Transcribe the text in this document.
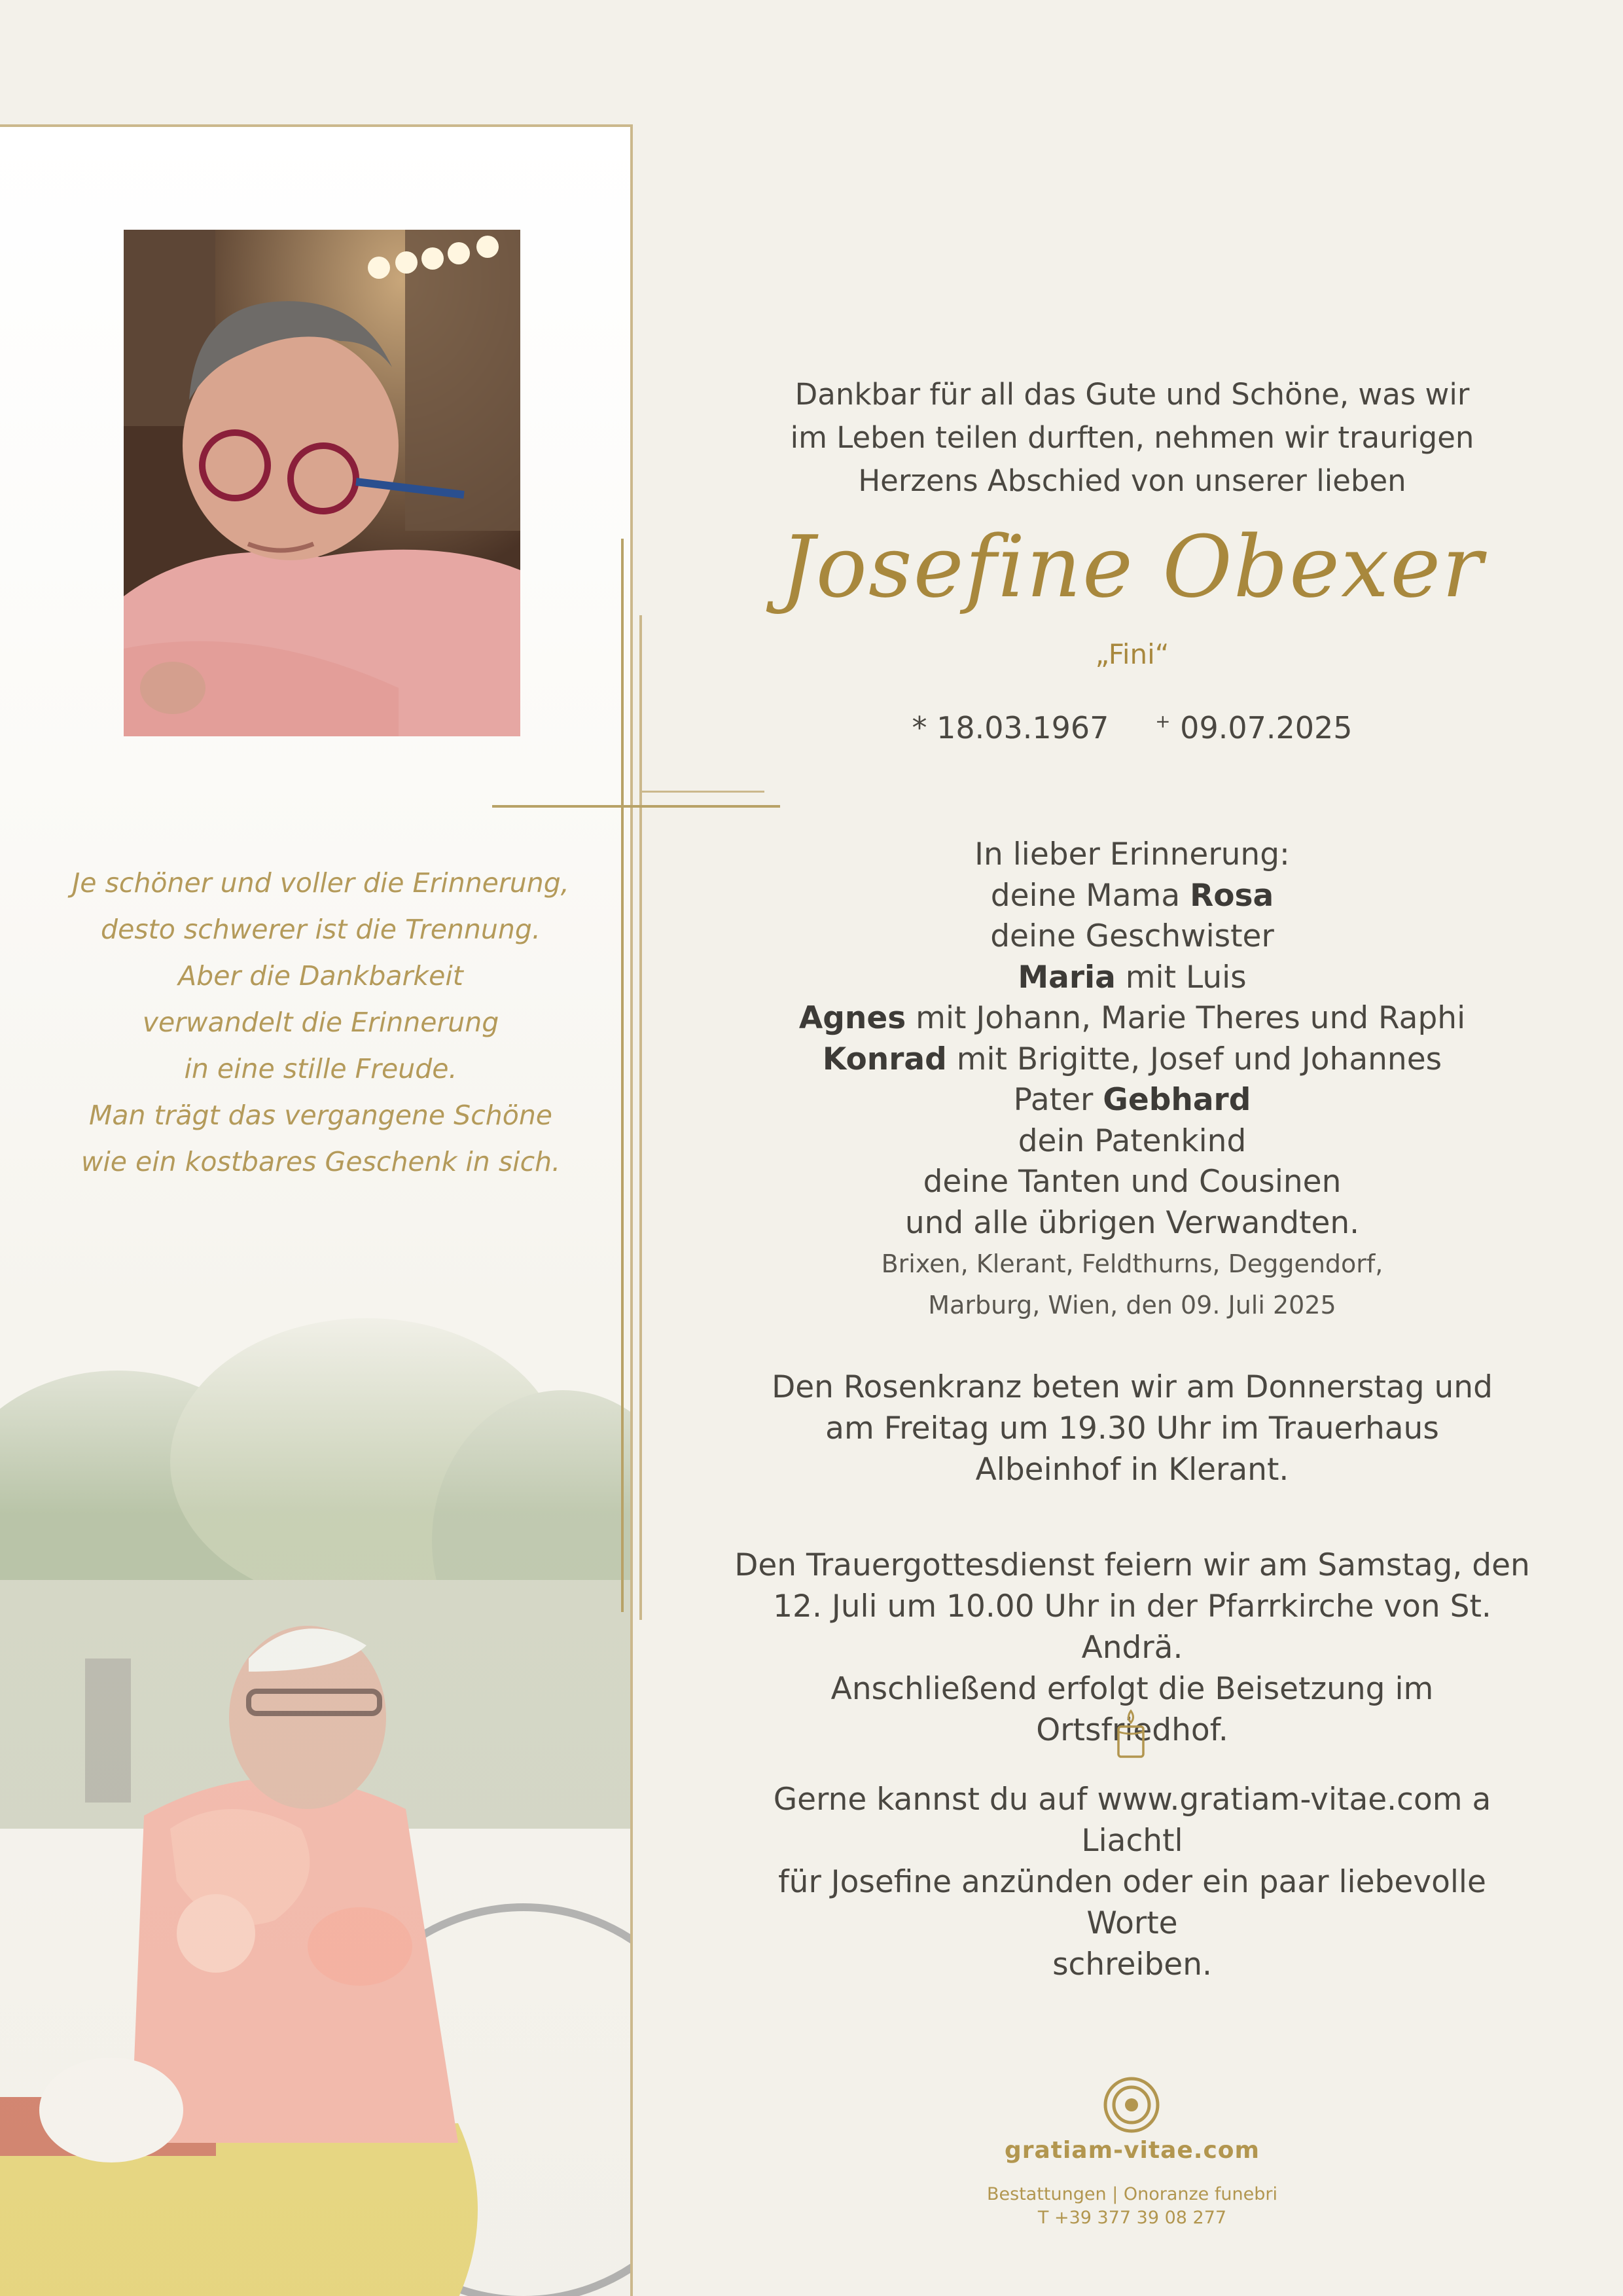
Je schöner und voller die Erinnerung,
desto schwerer ist die Trennung.
Aber die Dankbarkeit
verwandelt die Erinnerung
in eine stille Freude.
Man trägt das vergangene Schöne
wie ein kostbares Geschenk in sich.

Dankbar für all das Gute und Schöne, was wir
im Leben teilen durften, nehmen wir traurigen
Herzens Abschied von unserer lieben
Josefine Obexer
„Fini“
* 18.03.1967	+ 09.07.2025
In lieber Erinnerung:
deine Mama Rosa
deine Geschwister
Maria mit Luis
Agnes mit Johann, Marie Theres und Raphi
Konrad mit Brigitte, Josef und Johannes
Pater Gebhard
dein Patenkind
deine Tanten und Cousinen
und alle übrigen Verwandten.
Brixen, Klerant, Feldthurns, Deggendorf,
Marburg, Wien, den 09. Juli 2025
Den Rosenkranz beten wir am Donnerstag und
am Freitag um 19.30 Uhr im Trauerhaus
Albeinhof in Klerant.
Den Trauergottesdienst feiern wir am Samstag, den
12. Juli um 10.00 Uhr in der Pfarrkirche von St. Andrä.
Anschließend erfolgt die Beisetzung im Ortsfriedhof.
Gerne kannst du auf www.gratiam-vitae.com a Liachtl
für Josefine anzünden oder ein paar liebevolle Worte
schreiben.
gratiam-vitae.com
Bestattungen | Onoranze funebri
T +39 377 39 08 277
